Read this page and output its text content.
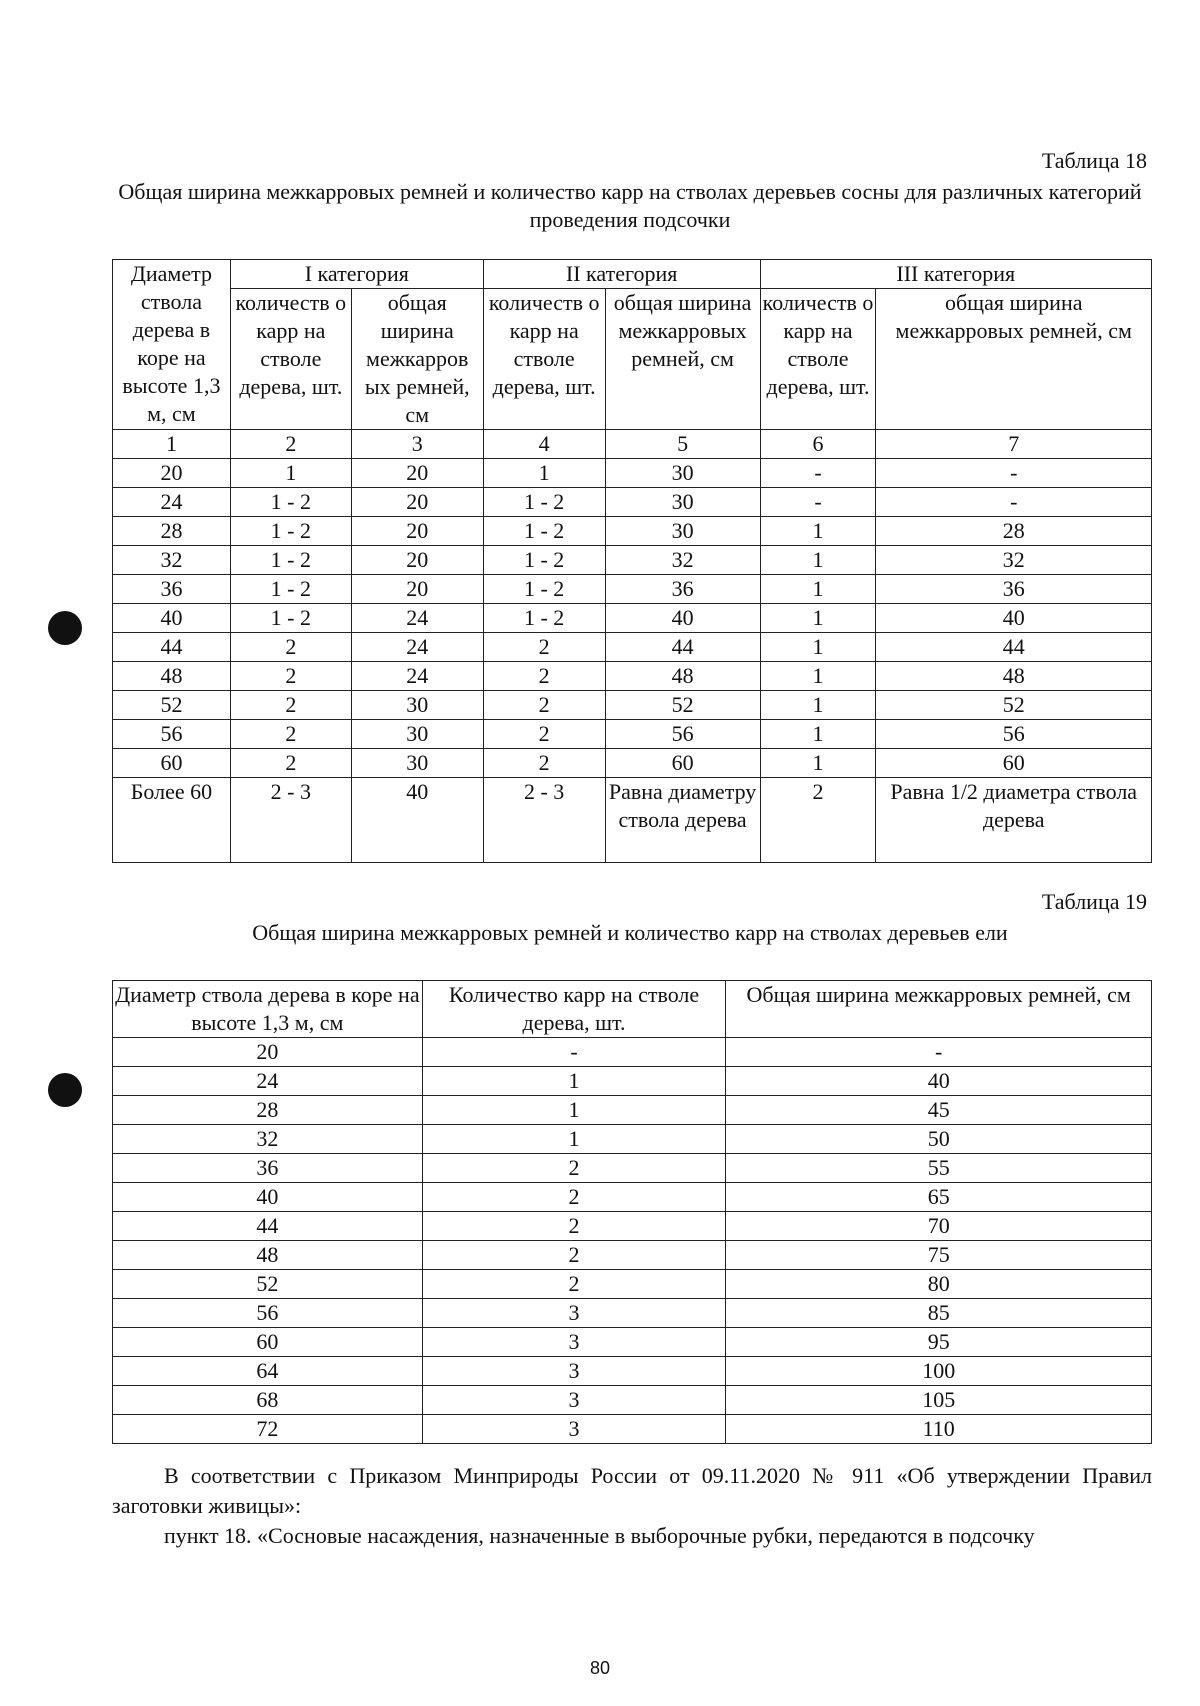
Таблица 18
Общая ширина межкарровых ремней и количество карр на стволах деревьев сосны для различных категорий проведения подсочки
Диаметр ствола дерева в коре на высоте 1,3 м, см	I категория		II категория		III категория	
	количеств о карр на стволе дерева, шт.	общая ширина межкарров ых ремней, см	количеств о карр на стволе дерева, шт.	общая ширина межкарровых ремней, см	количеств о карр на стволе дерева, шт.	общая ширина межкарровых ремней, см
1	2	3	4	5	6	7
20	1	20	1	30	-	-
24	1 - 2	20	1 - 2	30	-	-
28	1 - 2	20	1 - 2	30	1	28
32	1 - 2	20	1 - 2	32	1	32
36	1 - 2	20	1 - 2	36	1	36
40	1 - 2	24	1 - 2	40	1	40
44	2	24	2	44	1	44
48	2	24	2	48	1	48
52	2	30	2	52	1	52
56	2	30	2	56	1	56
60	2	30	2	60	1	60
Более 60	2 - 3	40	2 - 3	Равна диаметру ствола дерева	2	Равна 1/2 диаметра ствола дерева
Таблица 19
Общая ширина межкарровых ремней и количество карр на стволах деревьев ели
Диаметр ствола дерева в коре на высоте 1,3 м, см	Количество карр на стволе дерева, шт.	Общая ширина межкарровых ремней, см
20	-	-
24	1	40
28	1	45
32	1	50
36	2	55
40	2	65
44	2	70
48	2	75
52	2	80
56	3	85
60	3	95
64	3	100
68	3	105
72	3	110
В соответствии с Приказом Минприроды России от 09.11.2020 № 911 «Об утверждении Правил заготовки живицы»:
пункт 18. «Сосновые насаждения, назначенные в выборочные рубки, передаются в подсочку
80
